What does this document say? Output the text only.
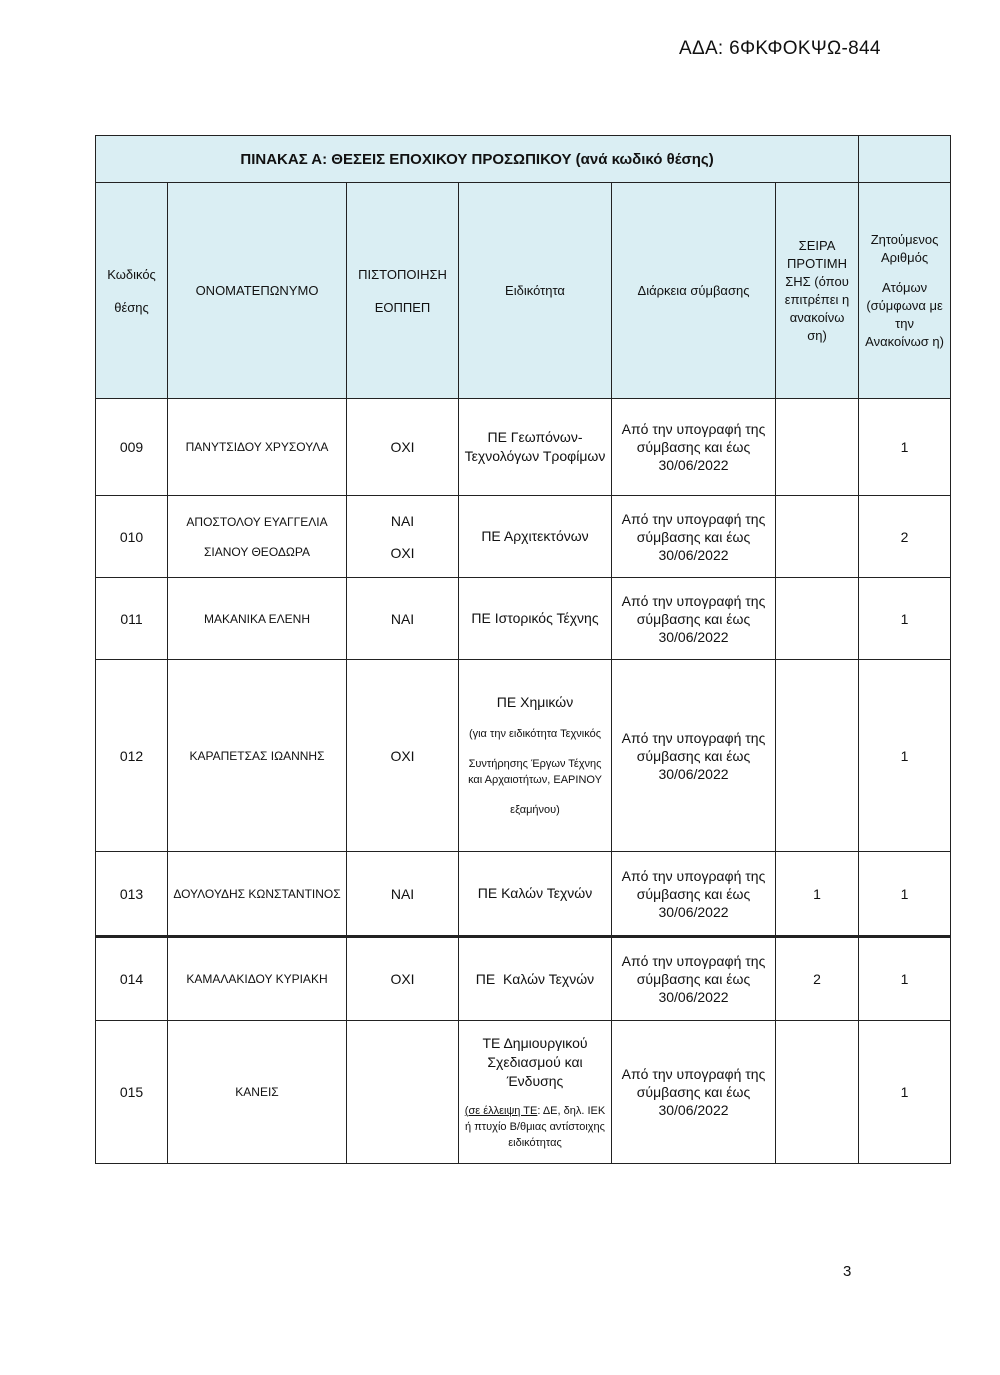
ΑΔΑ: 6ΦΚΦΟΚΨΩ-844
ΠΙΝΑΚΑΣ Α: ΘΕΣΕΙΣ ΕΠΟΧΙΚΟΥ ΠΡΟΣΩΠΙΚΟΥ (ανά κωδικό θέσης)						

Κωδικός
θέσης	ΟΝΟΜΑΤΕΠΩΝΥΜΟ	ΠΙΣΤΟΠΟΙΗΣΗ
ΕΟΠΠΕΠ	Ειδικότητα	Διάρκεια σύμβασης	ΣΕΙΡΑ ΠΡΟΤΙΜΗ ΣΗΣ (όπου επιτρέπει η ανακοίνω ση)	Ζητούμενος Αριθμός
Ατόμων (σύμφωνα με την Ανακοίνωσ η)

009	ΠΑΝΥΤΣΙΔΟΥ ΧΡΥΣΟΥΛΑ	ΟΧΙ	ΠΕ Γεωπόνων-Τεχνολόγων Τροφίμων	Από την υπογραφή της σύμβασης και έως 30/06/2022		1
010	ΑΠΟΣΤΟΛΟΥ ΕΥΑΓΓΕΛΙΑ
ΣΙΑΝΟΥ ΘΕΟΔΩΡΑ	ΝΑΙ
ΟΧΙ	ΠΕ Αρχιτεκτόνων	Από την υπογραφή της σύμβασης και έως 30/06/2022		2
011	ΜΑΚΑΝΙΚΑ ΕΛΕΝΗ	ΝΑΙ	ΠΕ Ιστορικός Τέχνης	Από την υπογραφή της σύμβασης και έως 30/06/2022		1
012	ΚΑΡΑΠΕΤΣΑΣ ΙΩΑΝΝΗΣ	ΟΧΙ	ΠΕ Χημικών
(για την ειδικότητα Τεχνικός
Συντήρησης Έργων Τέχνης και Αρχαιοτήτων, ΕΑΡΙΝΟΥ
εξαμήνου)	Από την υπογραφή της σύμβασης και έως 30/06/2022		1
013	ΔΟΥΛΟΥΔΗΣ ΚΩΝΣΤΑΝΤΙΝΟΣ	ΝΑΙ	ΠΕ Καλών Τεχνών	Από την υπογραφή της σύμβασης και έως 30/06/2022	1	1
014	ΚΑΜΑΛΑΚΙΔΟΥ ΚΥΡΙΑΚΗ	ΟΧΙ	ΠΕ  Καλών Τεχνών	Από την υπογραφή της σύμβασης και έως 30/06/2022	2	1
015	ΚΑΝΕΙΣ		ΤΕ Δημιουργικού Σχεδιασμού και Ένδυσης
(σε έλλειψη ΤΕ: ΔΕ, δηλ. ΙΕΚ ή πτυχίο Β/θμιας αντίστοιχης ειδικότητας	Από την υπογραφή της σύμβασης και έως 30/06/2022		1
3
